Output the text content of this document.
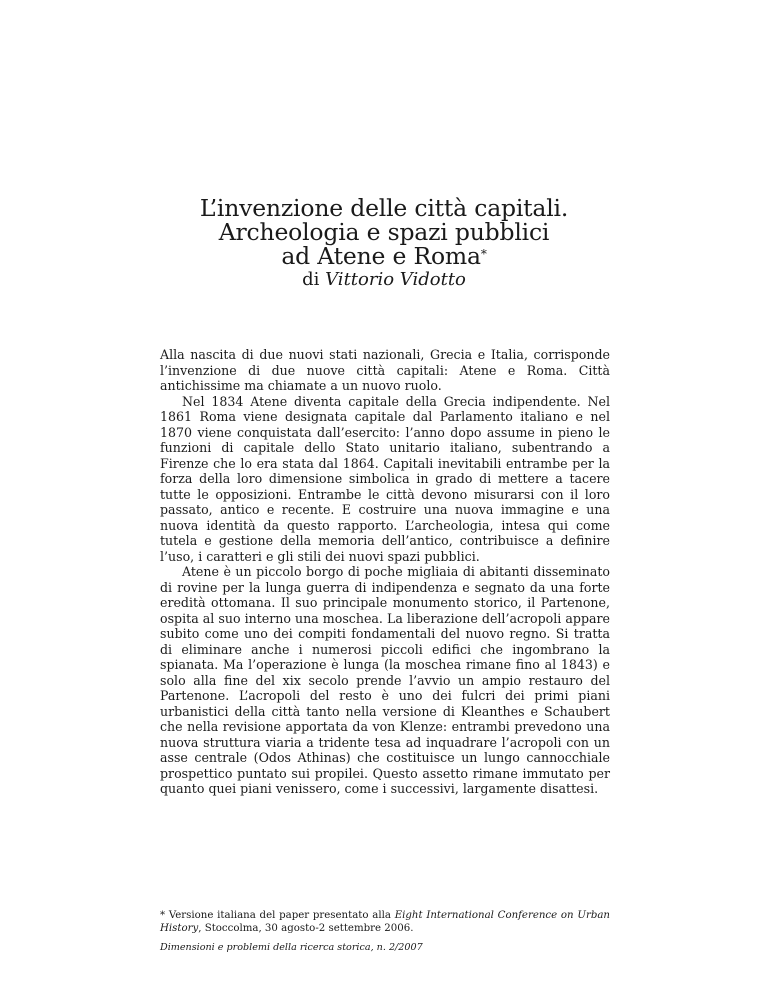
L’invenzione delle città capitali.
Archeologia e spazi pubblici
ad Atene e Roma*
di Vittorio Vidotto

Alla nascita di due nuovi stati nazionali, Grecia e Italia, corrisponde l’invenzione di due nuove città capitali: Atene e Roma. Città antichissime ma chiamate a un nuovo ruolo.

Nel 1834 Atene diventa capitale della Grecia indipendente. Nel 1861 Roma viene designata capitale dal Parlamento italiano e nel 1870 viene conquistata dall’esercito: l’anno dopo assume in pieno le funzioni di capitale dello Stato unitario italiano, subentrando a Firenze che lo era stata dal 1864. Capitali inevitabili entrambe per la forza della loro dimensione simbolica in grado di mettere a tacere tutte le opposizioni. Entrambe le città devono misurarsi con il loro passato, antico e recente. E costruire una nuova immagine e una nuova identità da questo rapporto. L’archeologia, intesa qui come tutela e gestione della memoria dell’antico, contribuisce a definire l’uso, i caratteri e gli stili dei nuovi spazi pubblici.

Atene è un piccolo borgo di poche migliaia di abitanti disseminato di rovine per la lunga guerra di indipendenza e segnato da una forte eredità ottomana. Il suo principale monumento storico, il Partenone, ospita al suo interno una moschea. La liberazione dell’acropoli appare subito come uno dei compiti fondamentali del nuovo regno. Si tratta di eliminare anche i numerosi piccoli edifici che ingombrano la spianata. Ma l’operazione è lunga (la moschea rimane fino al 1843) e solo alla fine del xix secolo prende l’avvio un ampio restauro del Partenone. L’acropoli del resto è uno dei fulcri dei primi piani urbanistici della città tanto nella versione di Kleanthes e Schaubert che nella revisione apportata da von Klenze: entrambi prevedono una nuova struttura viaria a tridente tesa ad inquadrare l’acropoli con un asse centrale (Odos Athinas) che costituisce un lungo cannocchiale prospettico puntato sui propilei. Questo assetto rimane immutato per quanto quei piani venissero, come i successivi, largamente disattesi.

* Versione italiana del paper presentato alla Eight International Conference on Urban History, Stoccolma, 30 agosto-2 settembre 2006.
Dimensioni e problemi della ricerca storica, n. 2/2007
